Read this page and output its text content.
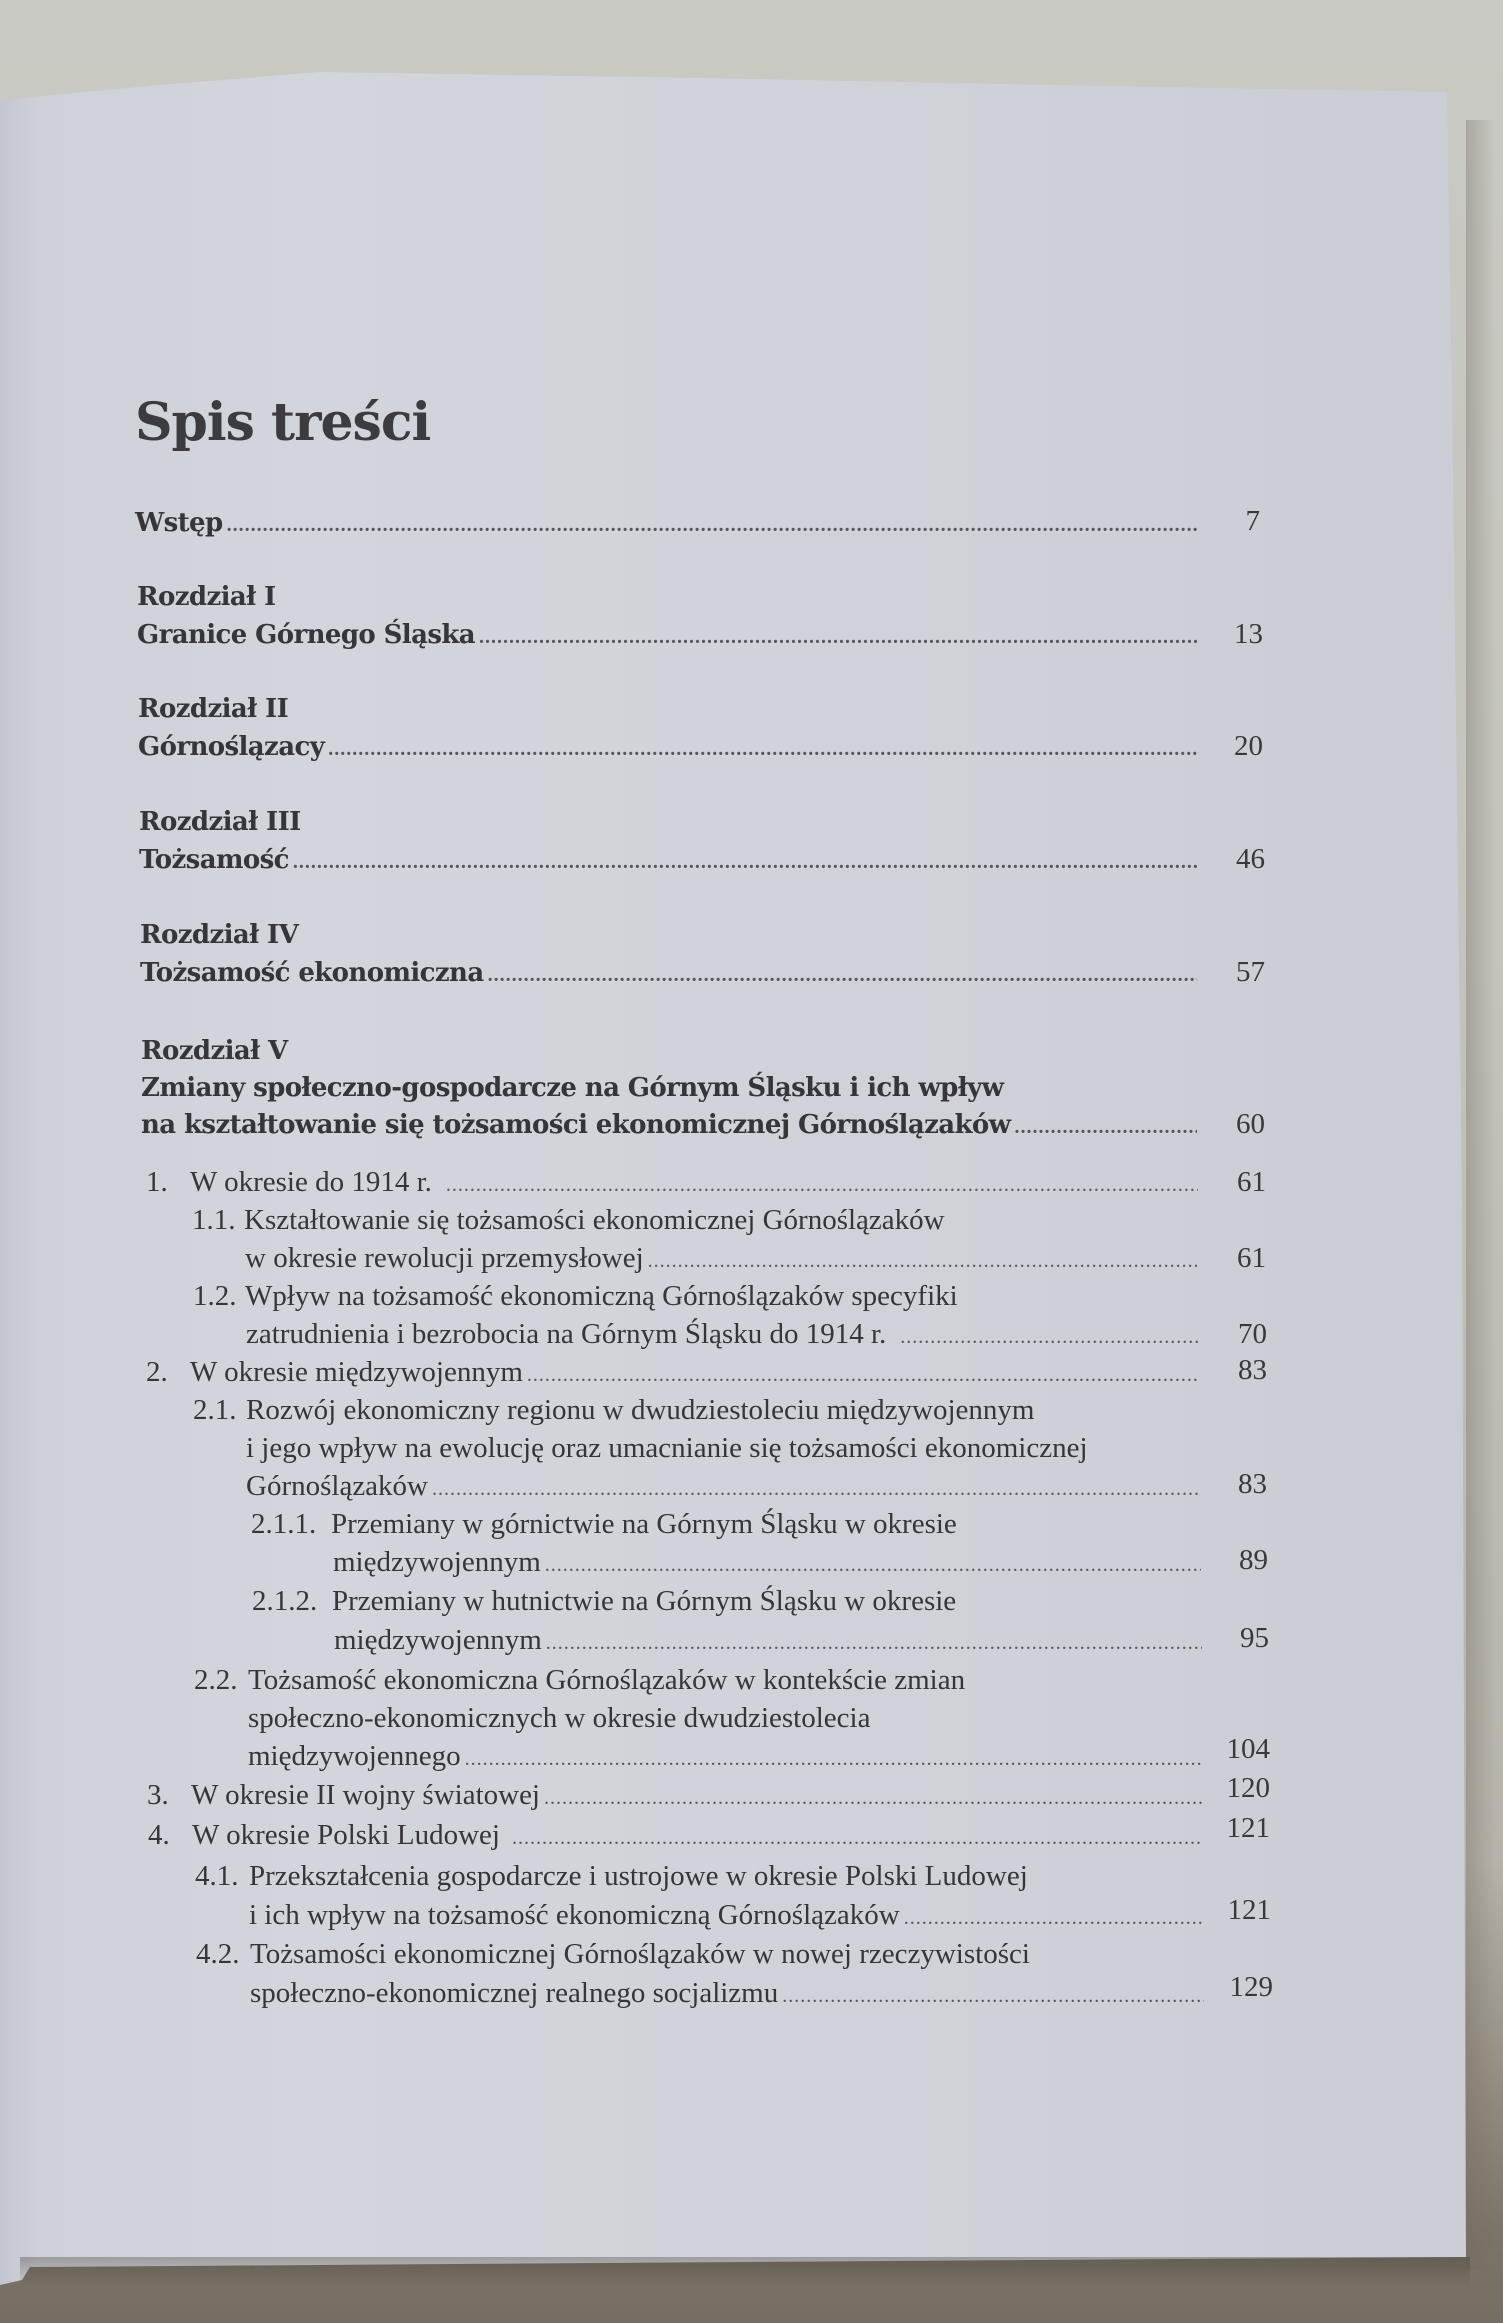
Spis treści
Wstęp .....	7
Rozdział I
Granice Górnego Śląska .....	13
Rozdział II
Górnoślązacy .....	20
Rozdział III
Tożsamość .....	46
Rozdział IV
Tożsamość ekonomiczna .....	57
Rozdział V
Zmiany społeczno-gospodarcze na Górnym Śląsku i ich wpływ
na kształtowanie się tożsamości ekonomicznej Górnoślązaków .....	60
1. W okresie do 1914 r. .....	61
1.1. Kształtowanie się tożsamości ekonomicznej Górnoślązaków
w okresie rewolucji przemysłowej .....	61
1.2. Wpływ na tożsamość ekonomiczną Górnoślązaków specyfiki
zatrudnienia i bezrobocia na Górnym Śląsku do 1914 r. .....	70
2. W okresie międzywojennym .....	83
2.1. Rozwój ekonomiczny regionu w dwudziestoleciu międzywojennym
i jego wpływ na ewolucję oraz umacnianie się tożsamości ekonomicznej
Górnoślązaków .....	83
2.1.1. Przemiany w górnictwie na Górnym Śląsku w okresie
międzywojennym .....	89
2.1.2. Przemiany w hutnictwie na Górnym Śląsku w okresie
międzywojennym .....	95
2.2. Tożsamość ekonomiczna Górnoślązaków w kontekście zmian
społeczno-ekonomicznych w okresie dwudziestolecia
międzywojennego .....	104
3. W okresie II wojny światowej .....	120
4. W okresie Polski Ludowej .....	121
4.1. Przekształcenia gospodarcze i ustrojowe w okresie Polski Ludowej
i ich wpływ na tożsamość ekonomiczną Górnoślązaków .....	121
4.2. Tożsamości ekonomicznej Górnoślązaków w nowej rzeczywistości
społeczno-ekonomicznej realnego socjalizmu .....	129
